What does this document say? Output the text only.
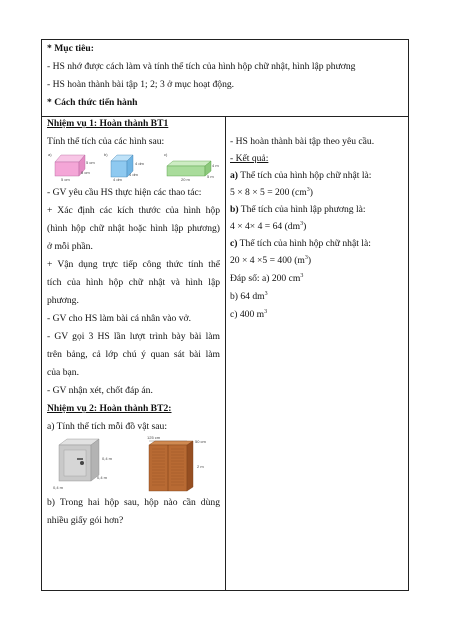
* Mục tiêu:
- HS nhớ được cách làm và tính thể tích của hình hộp chữ nhật, hình lập phương
- HS hoàn thành bài tập 1; 2; 3 ở mục hoạt động.
* Cách thức tiến hành
Nhiệm vụ 1: Hoàn thành BT1
Tính thể tích của các hình sau:
a)
5 cm
8 cm
5 cm
b)
4 dm
4 dm
4 dm
c)
4 m
20 m
5 m
- GV yêu cầu HS thực hiện các thao tác:
+ Xác định các kích thước của hình hộp
(hình hộp chữ nhật hoặc hình lập phương)
ở mỗi phần.
+ Vận dụng trực tiếp công thức tính thể
tích của hình hộp chữ nhật và hình lập
phương.
- GV cho HS làm bài cá nhân vào vở.
- GV gọi 3 HS lần lượt trình bày bài làm
trên bảng, cả lớp chú ý quan sát bài làm
của bạn.
- GV nhận xét, chốt đáp án.
Nhiệm vụ 2: Hoàn thành BT2:
a) Tính thể tích mỗi đồ vật sau:
0,4 m
0,4 m
0,4 m
125 cm
50 cm
2 m
b) Trong hai hộp sau, hộp nào cần dùng
nhiều giấy gói hơn?
- HS hoàn thành bài tập theo yêu cầu.
- Kết quả:
a) Thể tích của hình hộp chữ nhật là:
5 × 8 × 5 = 200 $(cm^3)$
b) Thể tích của hình lập phương là:
4 × 4× 4 = 64 $(dm^3)$
c) Thể tích của hình hộp chữ nhật là:
20 × 4 ×5 = 400 $(m^3)$
Đáp số: a) 200 $cm^3$
b) 64 $dm^3$
c) 400 $m^3$
